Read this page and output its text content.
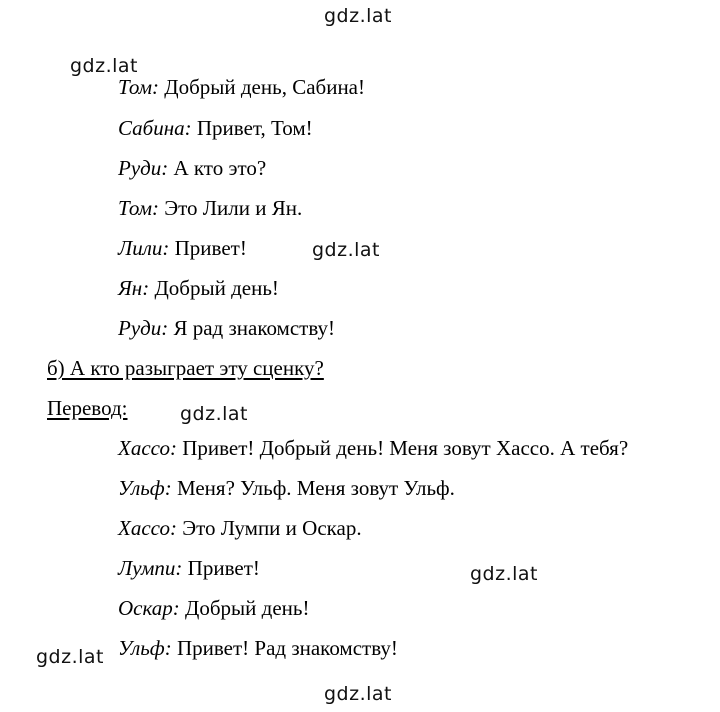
gdz.lat
gdz.lat
gdz.lat
gdz.lat
gdz.lat
gdz.lat
gdz.lat
Том: Добрый день, Сабина!
Сабина: Привет, Том!
Руди: А кто это?
Том: Это Лили и Ян.
Лили: Привет!
Ян: Добрый день!
Руди: Я рад знакомству!
б) А кто разыграет эту сценку?
Перевод:
Хассо: Привет! Добрый день! Меня зовут Хассо. А тебя?
Ульф: Меня? Ульф. Меня зовут Ульф.
Хассо: Это Лумпи и Оскар.
Лумпи: Привет!
Оскар: Добрый день!
Ульф: Привет! Рад знакомству!
